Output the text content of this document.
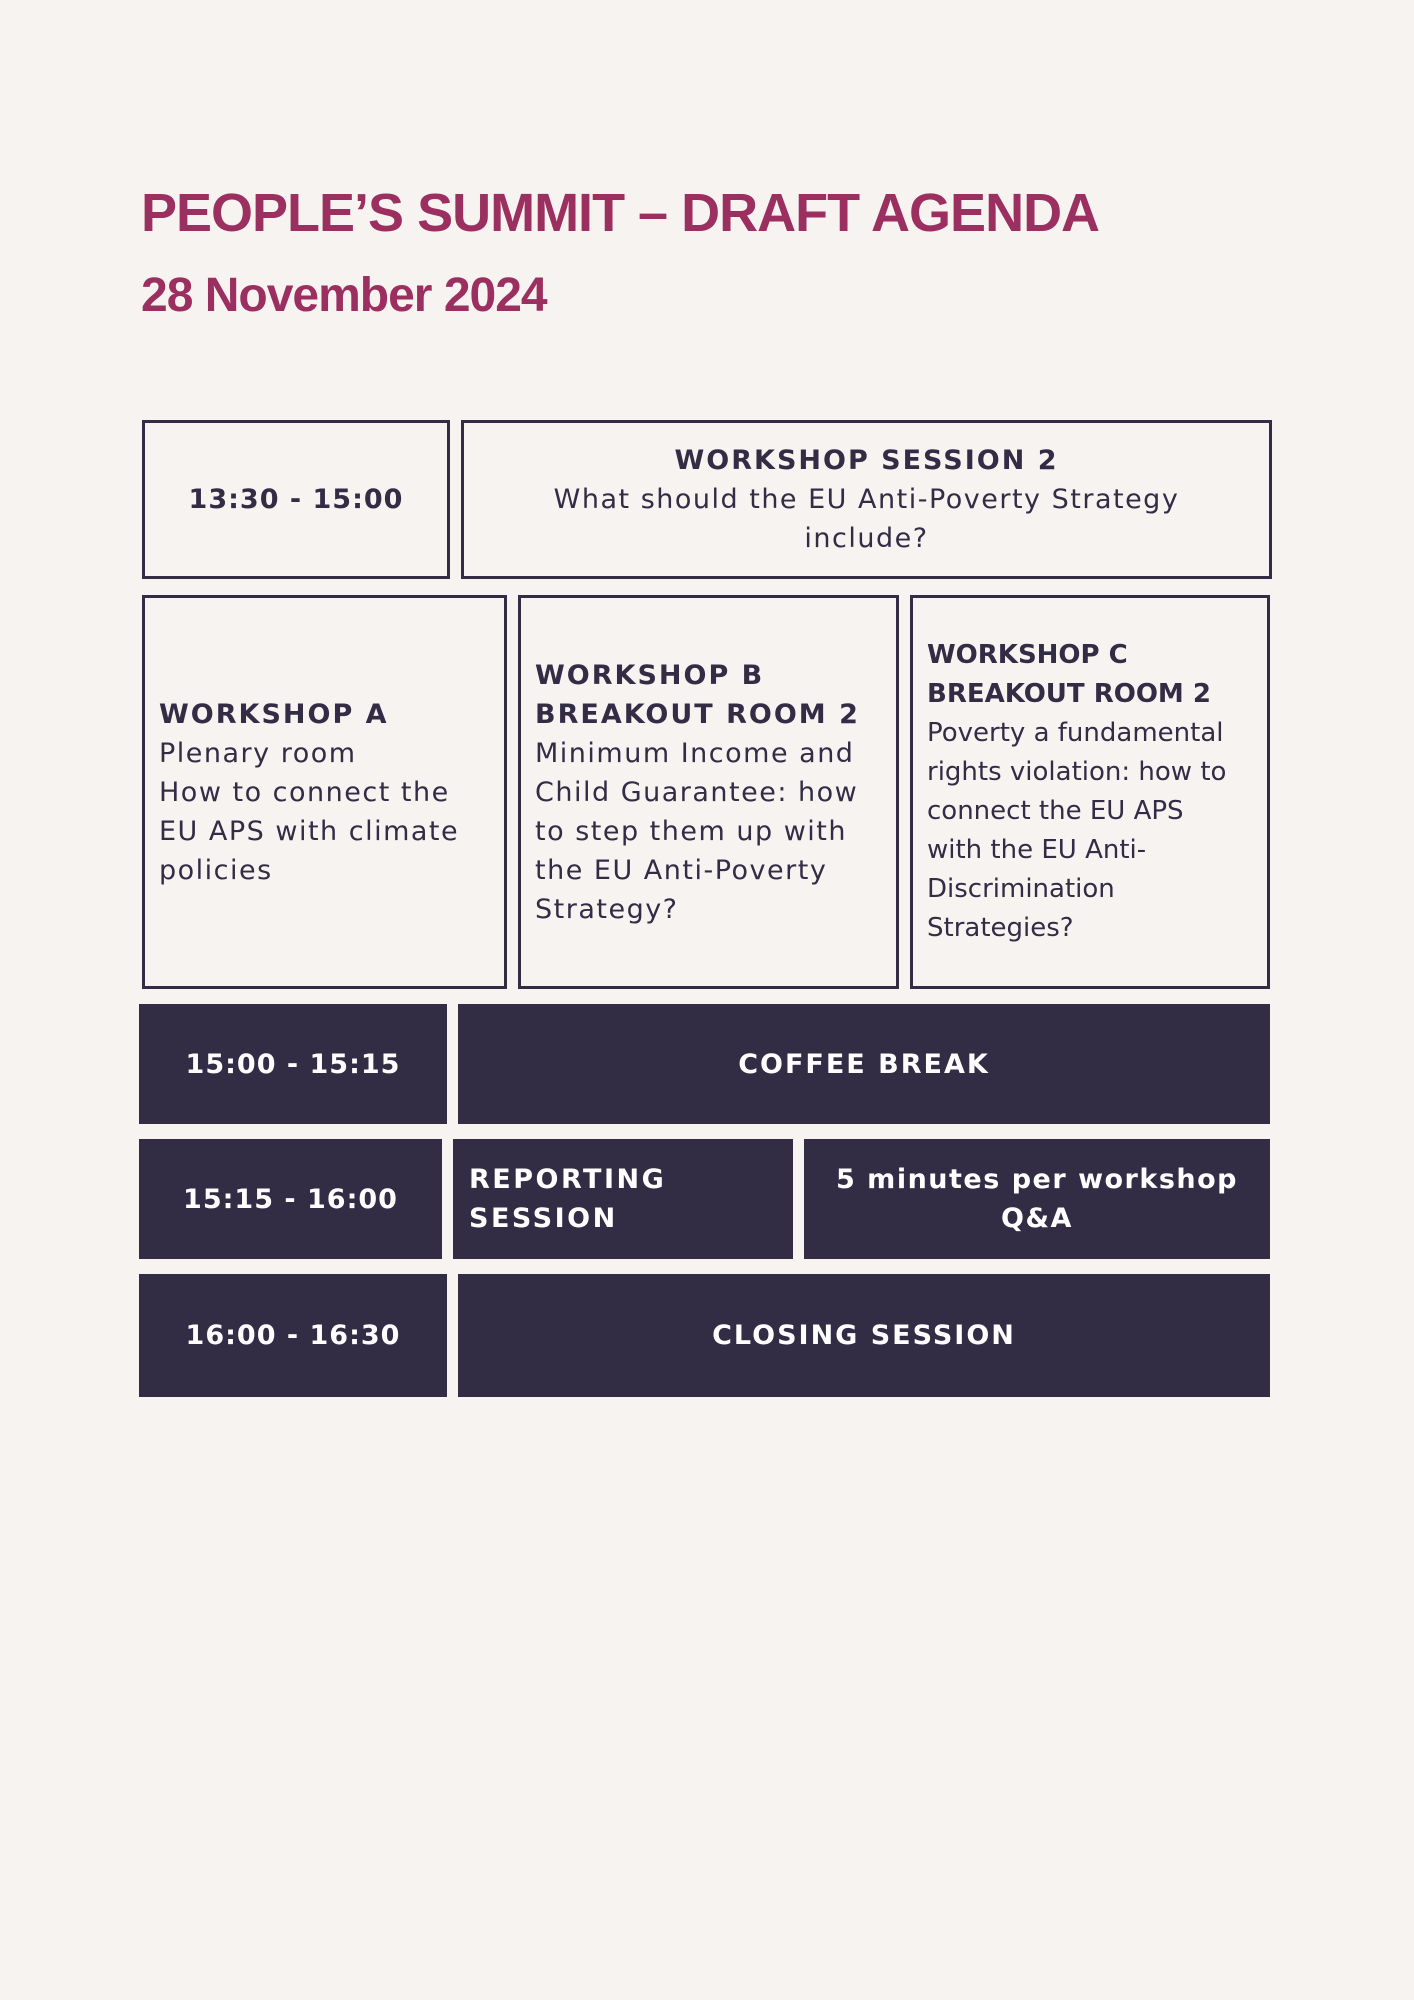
PEOPLE’S SUMMIT – DRAFT AGENDA
28 November 2024
13:30 - 15:00
WORKSHOP SESSION 2
What should the EU Anti-Poverty Strategy
include?
WORKSHOP A
Plenary room
How to connect the
EU APS with climate
policies
WORKSHOP B
BREAKOUT ROOM 2
Minimum Income and
Child Guarantee: how
to step them up with
the EU Anti-Poverty
Strategy?
WORKSHOP C
BREAKOUT ROOM 2
Poverty a fundamental
rights violation: how to
connect the EU APS
with the EU Anti-
Discrimination
Strategies?
15:00 - 15:15	COFFEE BREAK
15:15 - 16:00
REPORTING
SESSION
5 minutes per workshop
Q&A
16:00 - 16:30	CLOSING SESSION
